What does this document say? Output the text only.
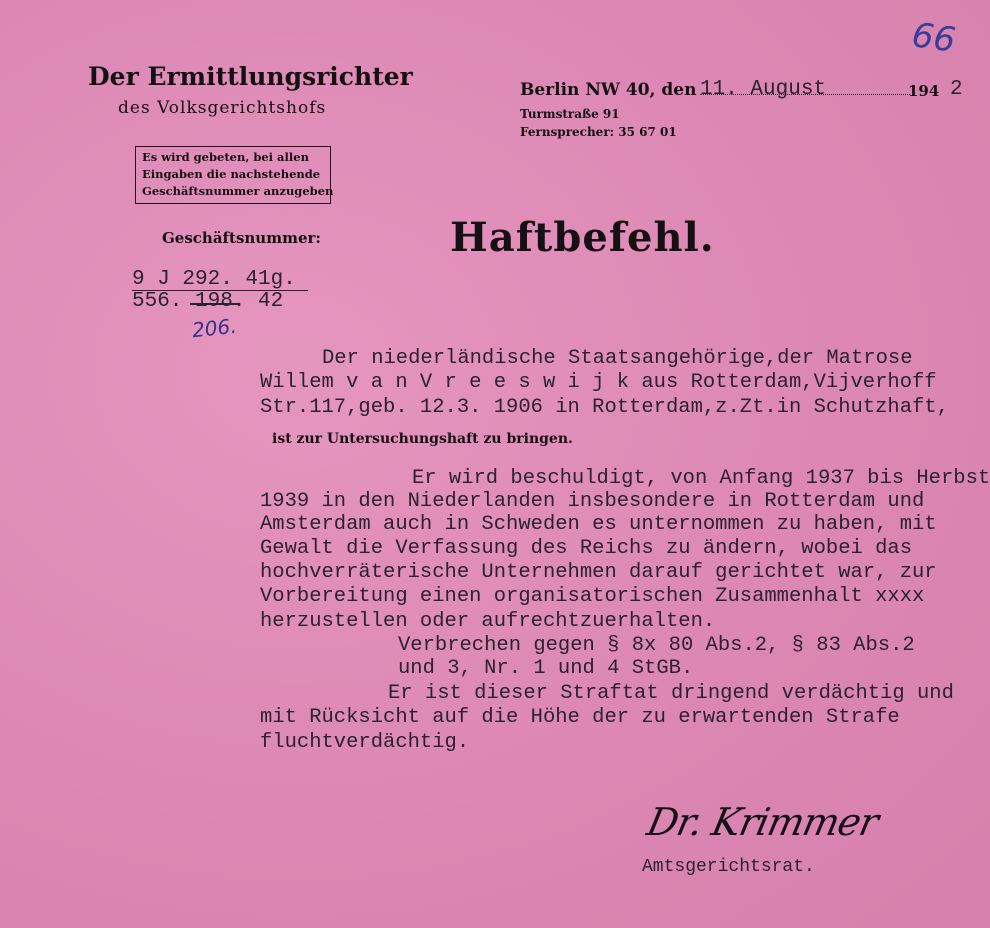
Der Ermittlungsrichter
des Volksgerichtshofs
Es wird gebeten, bei allen
Eingaben die nachstehende
Geschäftsnummer anzugeben
Berlin NW 40, den 11. August	194 2
Turmstraße 91
Fernsprecher: 35 67 01
66
Geschäftsnummer:
9 J 292. 41g.
556. 198. 42
206.
Haftbefehl.
Der niederländische Staatsangehörige,der Matrose
Willem v a n V r e e s w i j k aus Rotterdam,Vijverhoff
Str.117,geb. 12.3. 1906 in Rotterdam,z.Zt.in Schutzhaft,
ist zur Untersuchungshaft zu bringen.
Er wird beschuldigt, von Anfang 1937 bis Herbst
1939 in den Niederlanden insbesondere in Rotterdam und
Amsterdam auch in Schweden es unternommen zu haben, mit
Gewalt die Verfassung des Reichs zu ändern, wobei das
hochverräterische Unternehmen darauf gerichtet war, zur
Vorbereitung einen organisatorischen Zusammenhalt xxxx
herzustellen oder aufrechtzuerhalten.
Verbrechen gegen § 8x 80 Abs.2, § 83 Abs.2
und 3, Nr. 1 und 4 StGB.
Er ist dieser Straftat dringend verdächtig und
mit Rücksicht auf die Höhe der zu erwartenden Strafe
fluchtverdächtig.
Dr. Krimmer
Amtsgerichtsrat.
